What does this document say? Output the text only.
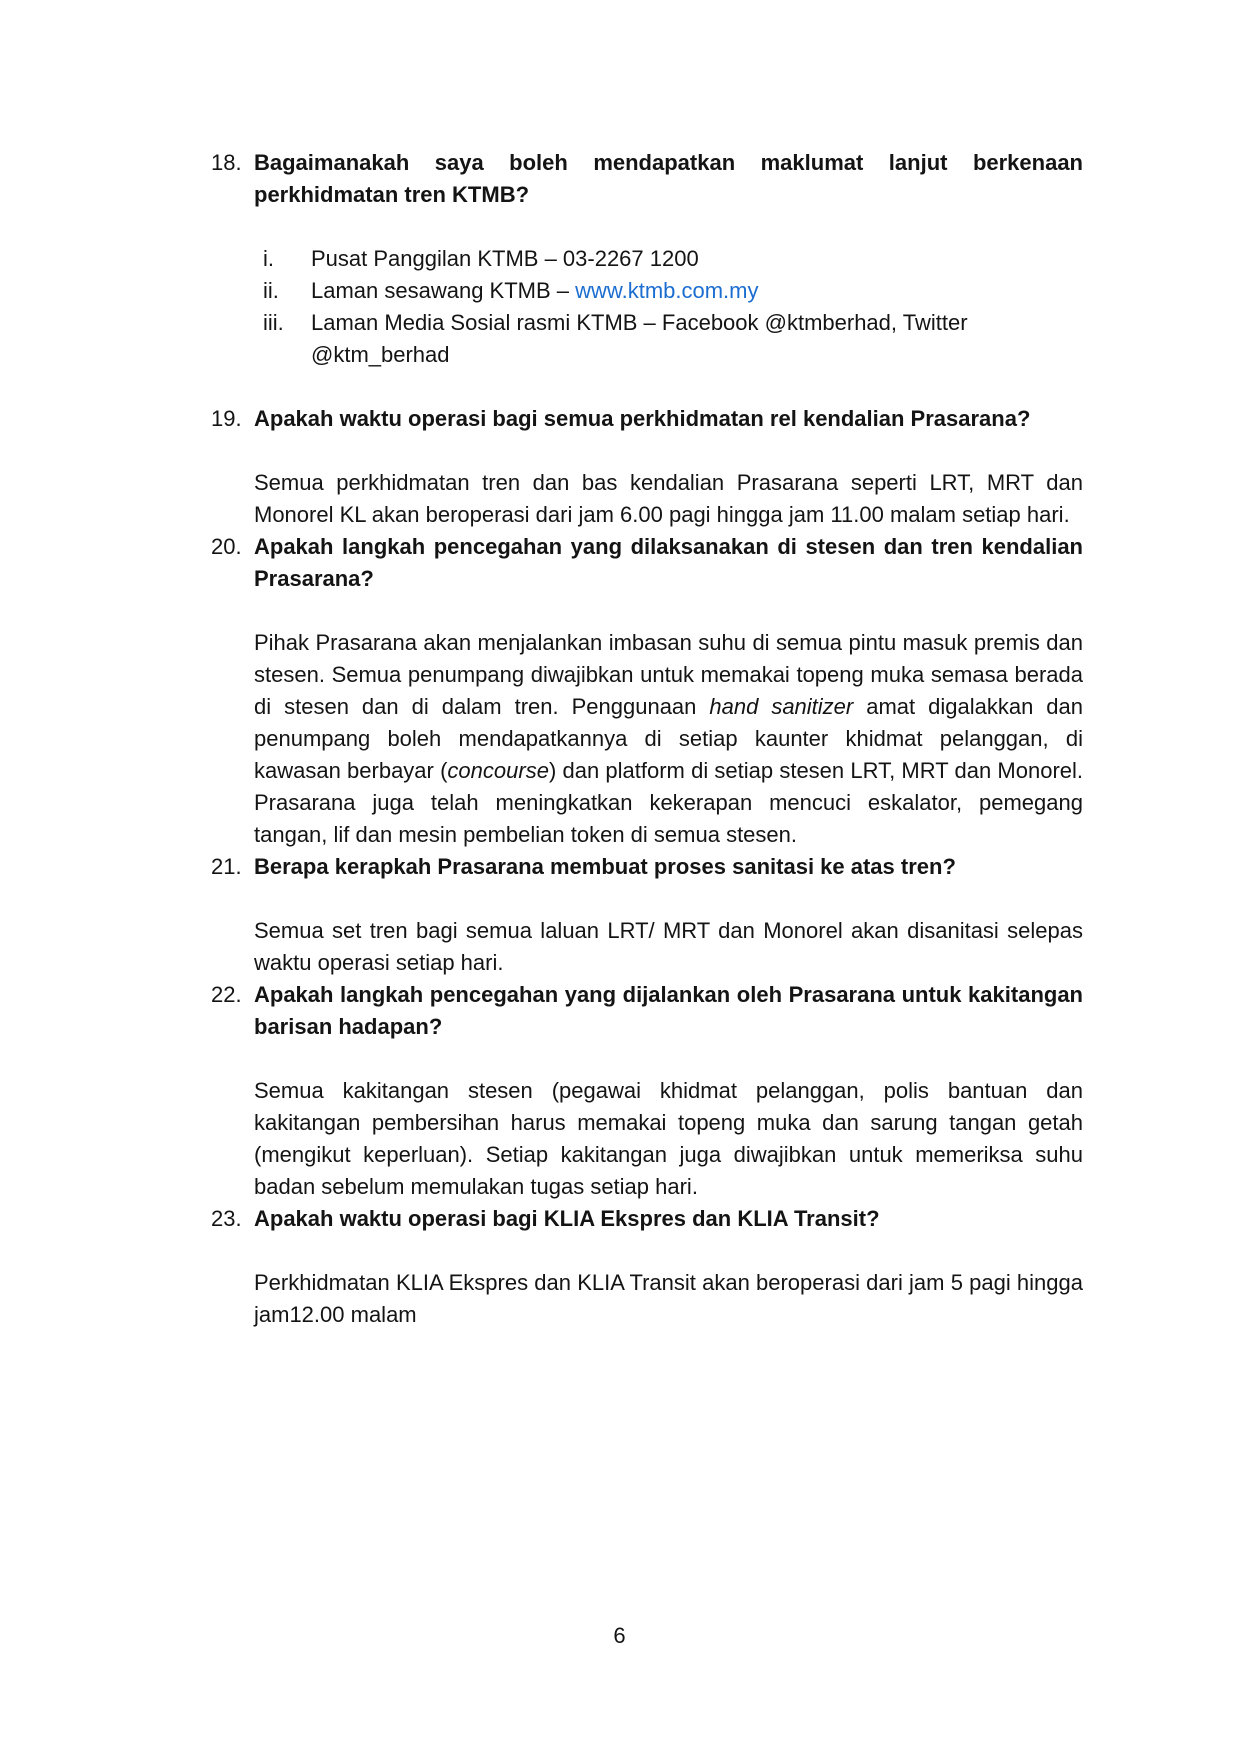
18. Bagaimanakah saya boleh mendapatkan maklumat lanjut berkenaan perkhidmatan tren KTMB?
i.	Pusat Panggilan KTMB – 03-2267 1200
ii.	Laman sesawang KTMB – www.ktmb.com.my
iii.	Laman Media Sosial rasmi KTMB – Facebook @ktmberhad, Twitter @ktm_berhad
19. Apakah waktu operasi bagi semua perkhidmatan rel kendalian Prasarana?

Semua perkhidmatan tren dan bas kendalian Prasarana seperti LRT, MRT dan Monorel KL akan beroperasi dari jam 6.00 pagi hingga jam 11.00 malam setiap hari.

20. Apakah langkah pencegahan yang dilaksanakan di stesen dan tren kendalian Prasarana?

Pihak Prasarana akan menjalankan imbasan suhu di semua pintu masuk premis dan stesen. Semua penumpang diwajibkan untuk memakai topeng muka semasa berada di stesen dan di dalam tren. Penggunaan hand sanitizer amat digalakkan dan penumpang boleh mendapatkannya di setiap kaunter khidmat pelanggan, di kawasan berbayar (concourse) dan platform di setiap stesen LRT, MRT dan Monorel. Prasarana juga telah meningkatkan kekerapan mencuci eskalator, pemegang tangan, lif dan mesin pembelian token di semua stesen.

21. Berapa kerapkah Prasarana membuat proses sanitasi ke atas tren?

Semua set tren bagi semua laluan LRT/ MRT dan Monorel akan disanitasi selepas waktu operasi setiap hari.

22. Apakah langkah pencegahan yang dijalankan oleh Prasarana untuk kakitangan barisan hadapan?

Semua kakitangan stesen (pegawai khidmat pelanggan, polis bantuan dan kakitangan pembersihan harus memakai topeng muka dan sarung tangan getah (mengikut keperluan). Setiap kakitangan juga diwajibkan untuk memeriksa suhu badan sebelum memulakan tugas setiap hari.

23. Apakah waktu operasi bagi KLIA Ekspres dan KLIA Transit?

Perkhidmatan KLIA Ekspres dan KLIA Transit akan beroperasi dari jam 5 pagi hingga jam12.00 malam

6
